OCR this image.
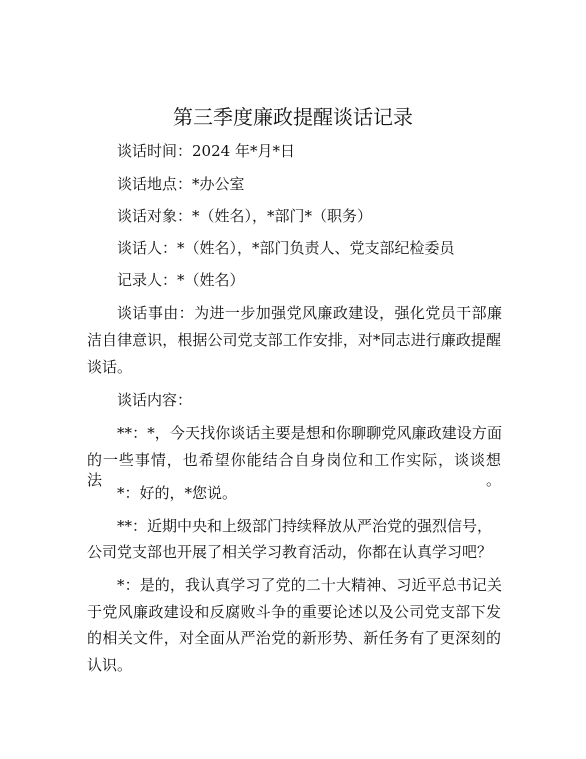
第三季度廉政提醒谈话记录
谈话时间：2024 年*月*日
谈话地点：*办公室
谈话对象：*（姓名），*部门*（职务）
谈话人：*（姓名），*部门负责人、党支部纪检委员
记录人：*（姓名）
谈话事由：为进一步加强党风廉政建设，强化党员干部廉
洁自律意识，根据公司党支部工作安排，对*同志进行廉政提醒
谈话。
谈话内容：
**：*，今天找你谈话主要是想和你聊聊党风廉政建设方面
的一些事情，也希望你能结合自身岗位和工作实际，谈谈想法。
*：好的，*您说。
**：近期中央和上级部门持续释放从严治党的强烈信号，
公司党支部也开展了相关学习教育活动，你都在认真学习吧？
*：是的，我认真学习了党的二十大精神、习近平总书记关
于党风廉政建设和反腐败斗争的重要论述以及公司党支部下发
的相关文件，对全面从严治党的新形势、新任务有了更深刻的
认识。
